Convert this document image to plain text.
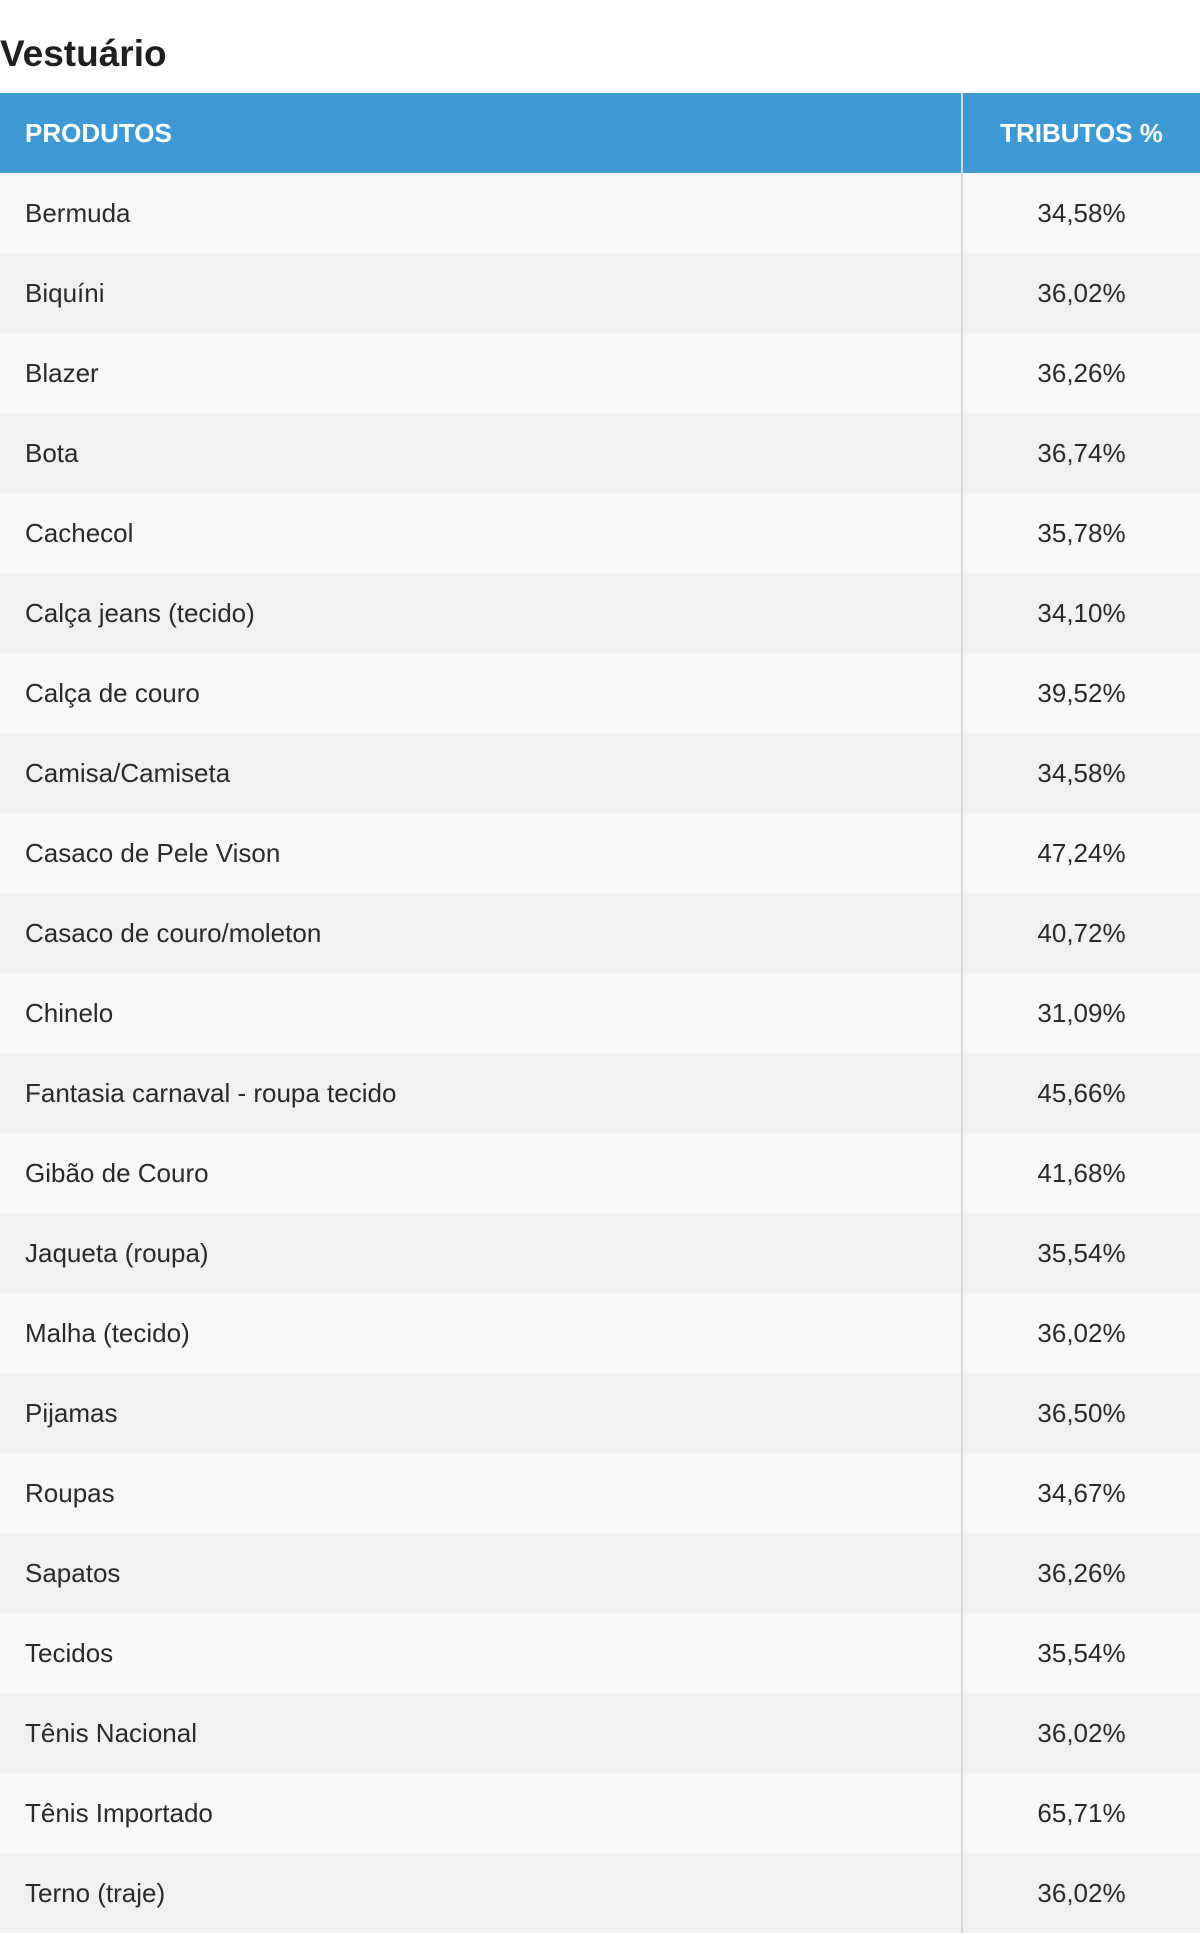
Vestuário
PRODUTOS	TRIBUTOS %
Bermuda	34,58%
Biquíni	36,02%
Blazer	36,26%
Bota	36,74%
Cachecol	35,78%
Calça jeans (tecido)	34,10%
Calça de couro	39,52%
Camisa/Camiseta	34,58%
Casaco de Pele Vison	47,24%
Casaco de couro/moleton	40,72%
Chinelo	31,09%
Fantasia carnaval - roupa tecido	45,66%
Gibão de Couro	41,68%
Jaqueta (roupa)	35,54%
Malha (tecido)	36,02%
Pijamas	36,50%
Roupas	34,67%
Sapatos	36,26%
Tecidos	35,54%
Tênis Nacional	36,02%
Tênis Importado	65,71%
Terno (traje)	36,02%
